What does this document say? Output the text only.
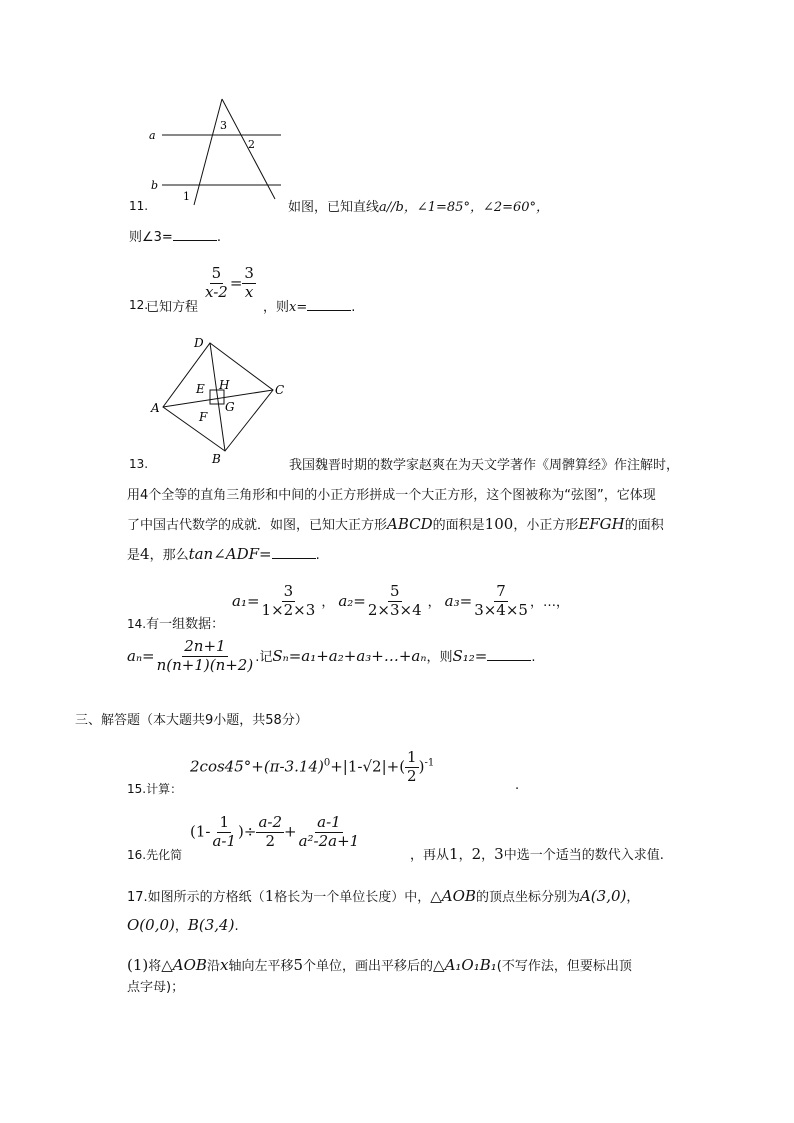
a
b
3
2
1
11.	如图，已知直线a//b，∠1=85°，∠2=60°，
则∠3=	.
12.
已知方程
$\frac{5}{x-2} = \frac{3}{x}$
，则x=	.
D
C
A
B
E H
G
F
13.	我国魏晋时期的数学家赵爽在为天文学著作《周髀算经》作注解时，
用4个全等的直角三角形和中间的小正方形拼成一个大正方形，这个图被称为“弦图”，它体现
了中国古代数学的成就．如图，已知大正方形ABCD的面积是100，小正方形EFGH的面积
是4，那么tan∠ADF=	.
14.有一组数据：
$a_1= \frac{3}{1\times 2\times 3}$ ， $a_2= \frac{5}{2\times 3\times 4}$ ， $a_3= \frac{7}{3\times 4\times 5}$ ，…，
$a_n= \frac{2n+1}{n(n+1)(n+2)}$ .记Sₙ=a₁+a₂+a₃+…+aₙ，则S₁₂=	.
三、解答题（本大题共9小题，共58分）
15.计算：
$2\cos 45^\circ+(\pi-3.14)^0+|1-√2|+( \frac{1}{2} )^{-1}$
.
16.先化简
($1- \frac{1}{a-1}$ )÷ $\frac{a-2}{2} + \frac{a-1}{\text{a²-2a+1}}$
，再从1，2，3中选一个适当的数代入求值.
17.如图所示的方格纸（1格长为一个单位长度）中，△AOB的顶点坐标分别为A(3,0)，
O(0,0)，B(3,4).
(1)将△AOB沿x轴向左平移5个单位，画出平移后的△A₁O₁B₁(不写作法，但要标出顶
点字母)；
